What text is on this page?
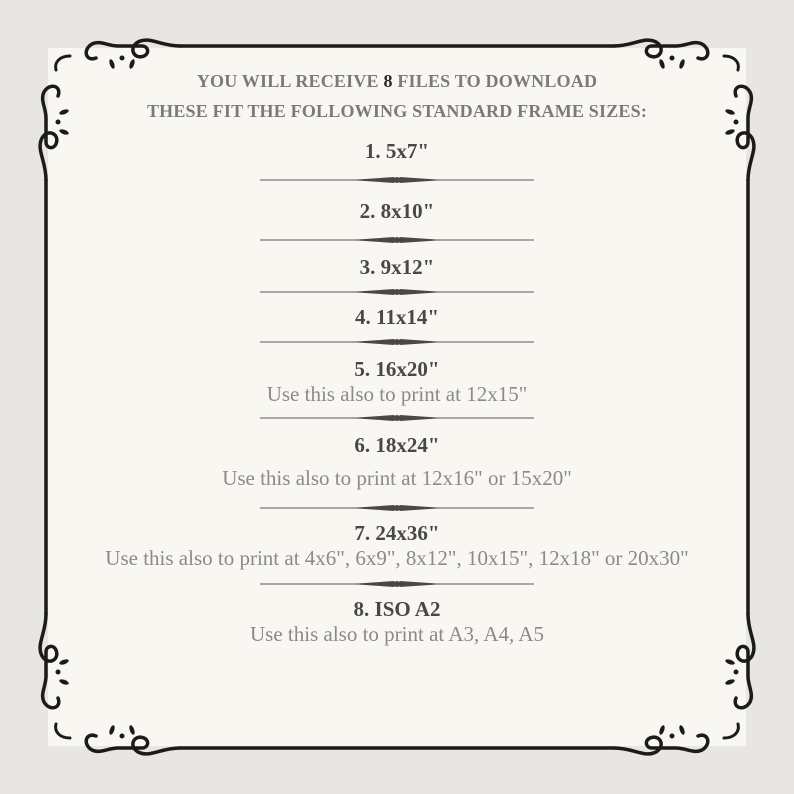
YOU WILL RECEIVE 8 FILES TO DOWNLOAD

THESE FIT THE FOLLOWING STANDARD FRAME SIZES:

1. 5x7"

2. 8x10"

3. 9x12"

4. 11x14"

5. 16x20"

Use this also to print at 12x15"

6. 18x24"

Use this also to print at 12x16" or 15x20"

7. 24x36"

Use this also to print at 4x6", 6x9", 8x12", 10x15", 12x18" or 20x30"

8. ISO A2

Use this also to print at A3, A4, A5
